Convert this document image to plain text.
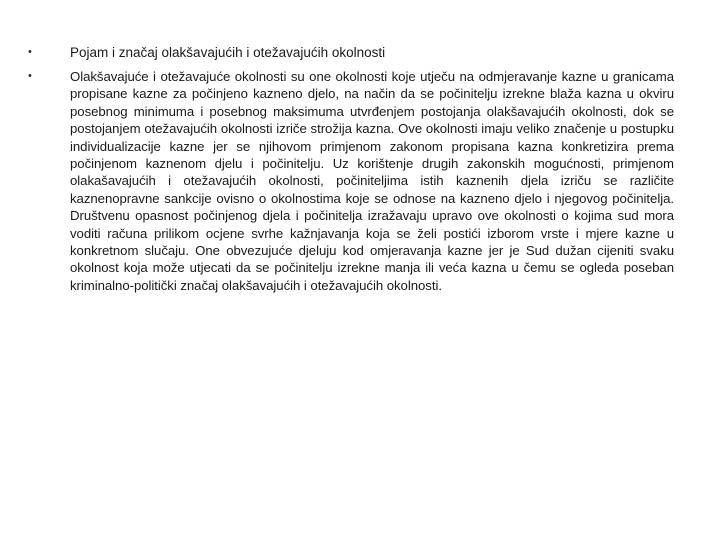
•	Pojam i značaj olakšavajućih i otežavajućih okolnosti
•	Olakšavajuće i otežavajuće okolnosti su one okolnosti koje utječu na odmjeravanje kazne u granicama propisane kazne za počinjeno kazneno djelo, na način da se počinitelju izrekne blaža kazna u okviru posebnog minimuma i posebnog maksimuma utvrđenjem postojanja olakšavajućih okolnosti, dok se postojanjem otežavajućih okolnosti izriče strožija kazna. Ove okolnosti imaju veliko značenje u postupku individualizacije kazne jer se njihovom primjenom zakonom propisana kazna konkretizira prema počinjenom kaznenom djelu i počinitelju. Uz korištenje drugih zakonskih mogućnosti, primjenom olakašavajućih i otežavajućih okolnosti, počiniteljima istih kaznenih djela izriču se različite kaznenopravne sankcije ovisno o okolnostima koje se odnose na kazneno djelo i njegovog počinitelja. Društvenu opasnost počinjenog djela i počinitelja izražavaju upravo ove okolnosti o kojima sud mora voditi računa prilikom ocjene svrhe kažnjavanja koja se želi postići izborom vrste i mjere kazne u konkretnom slučaju. One obvezujuće djeluju kod omjeravanja kazne jer je Sud dužan cijeniti svaku okolnost koja može utjecati da se počinitelju izrekne manja ili veća kazna u čemu se ogleda poseban kriminalno-politički značaj olakšavajućih i otežavajućih okolnosti.
